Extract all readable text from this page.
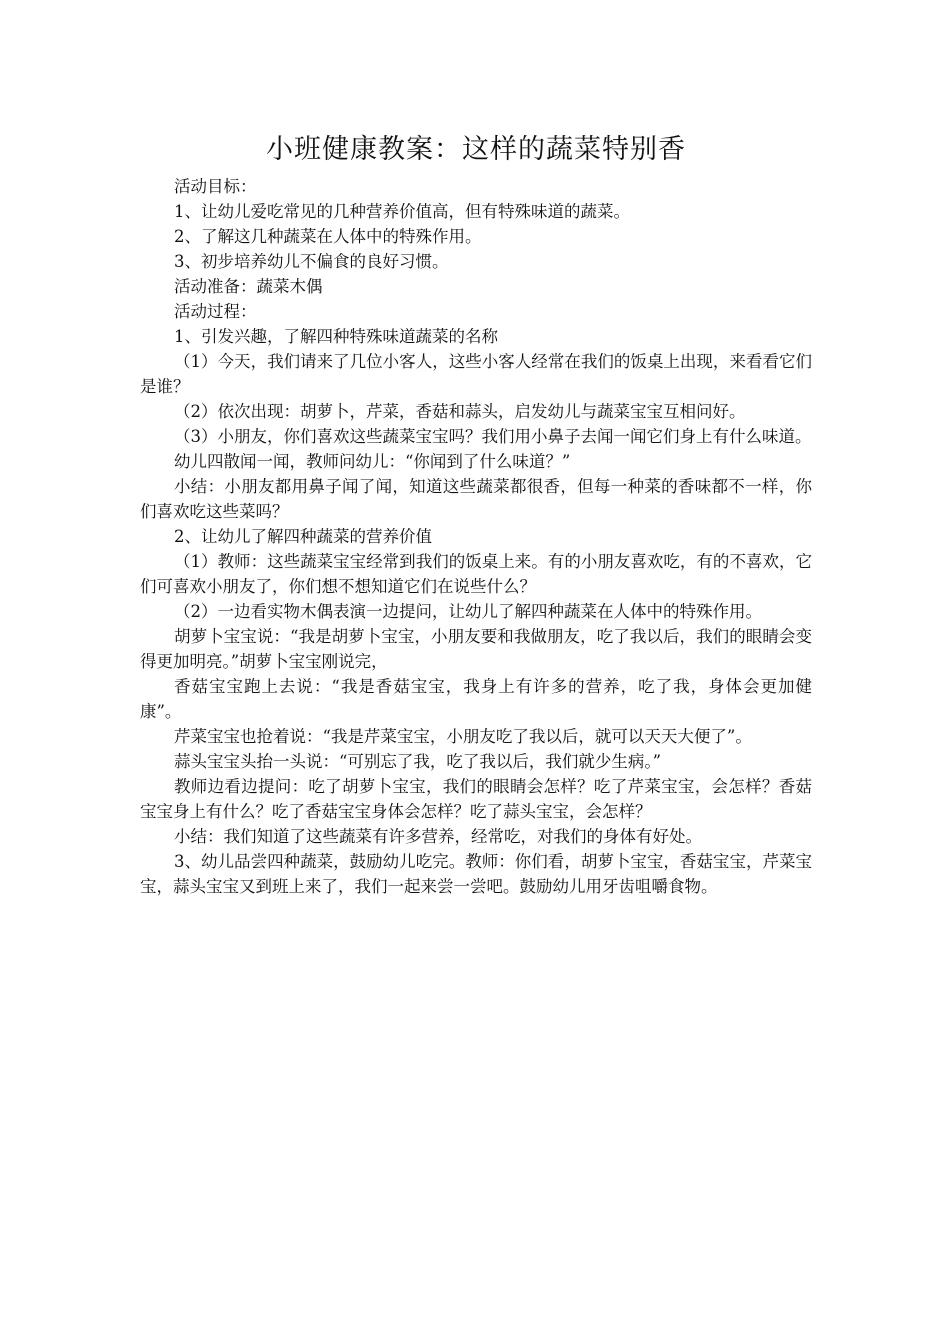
小班健康教案：这样的蔬菜特别香

活动目标：

1、让幼儿爱吃常见的几种营养价值高，但有特殊味道的蔬菜。

2、了解这几种蔬菜在人体中的特殊作用。

3、初步培养幼儿不偏食的良好习惯。

活动准备：蔬菜木偶

活动过程：

1、引发兴趣，了解四种特殊味道蔬菜的名称

（1）今天，我们请来了几位小客人，这些小客人经常在我们的饭桌上出现，来看看它们是谁？

（2）依次出现：胡萝卜，芹菜，香菇和蒜头，启发幼儿与蔬菜宝宝互相问好。

（3）小朋友，你们喜欢这些蔬菜宝宝吗？我们用小鼻子去闻一闻它们身上有什么味道。

幼儿四散闻一闻，教师问幼儿：“你闻到了什么味道？”

小结：小朋友都用鼻子闻了闻，知道这些蔬菜都很香，但每一种菜的香味都不一样，你们喜欢吃这些菜吗？

2、让幼儿了解四种蔬菜的营养价值

（1）教师：这些蔬菜宝宝经常到我们的饭桌上来。有的小朋友喜欢吃，有的不喜欢，它们可喜欢小朋友了，你们想不想知道它们在说些什么？

（2）一边看实物木偶表演一边提问，让幼儿了解四种蔬菜在人体中的特殊作用。

胡萝卜宝宝说：“我是胡萝卜宝宝，小朋友要和我做朋友，吃了我以后，我们的眼睛会变得更加明亮。”胡萝卜宝宝刚说完，

香菇宝宝跑上去说：“我是香菇宝宝，我身上有许多的营养，吃了我，身体会更加健康”。

芹菜宝宝也抢着说：“我是芹菜宝宝，小朋友吃了我以后，就可以天天大便了”。

蒜头宝宝头抬一头说：“可别忘了我，吃了我以后，我们就少生病。”

教师边看边提问：吃了胡萝卜宝宝，我们的眼睛会怎样？吃了芹菜宝宝，会怎样？香菇宝宝身上有什么？吃了香菇宝宝身体会怎样？吃了蒜头宝宝，会怎样？

小结：我们知道了这些蔬菜有许多营养，经常吃，对我们的身体有好处。

3、幼儿品尝四种蔬菜，鼓励幼儿吃完。教师：你们看，胡萝卜宝宝，香菇宝宝，芹菜宝宝，蒜头宝宝又到班上来了，我们一起来尝一尝吧。鼓励幼儿用牙齿咀嚼食物。
